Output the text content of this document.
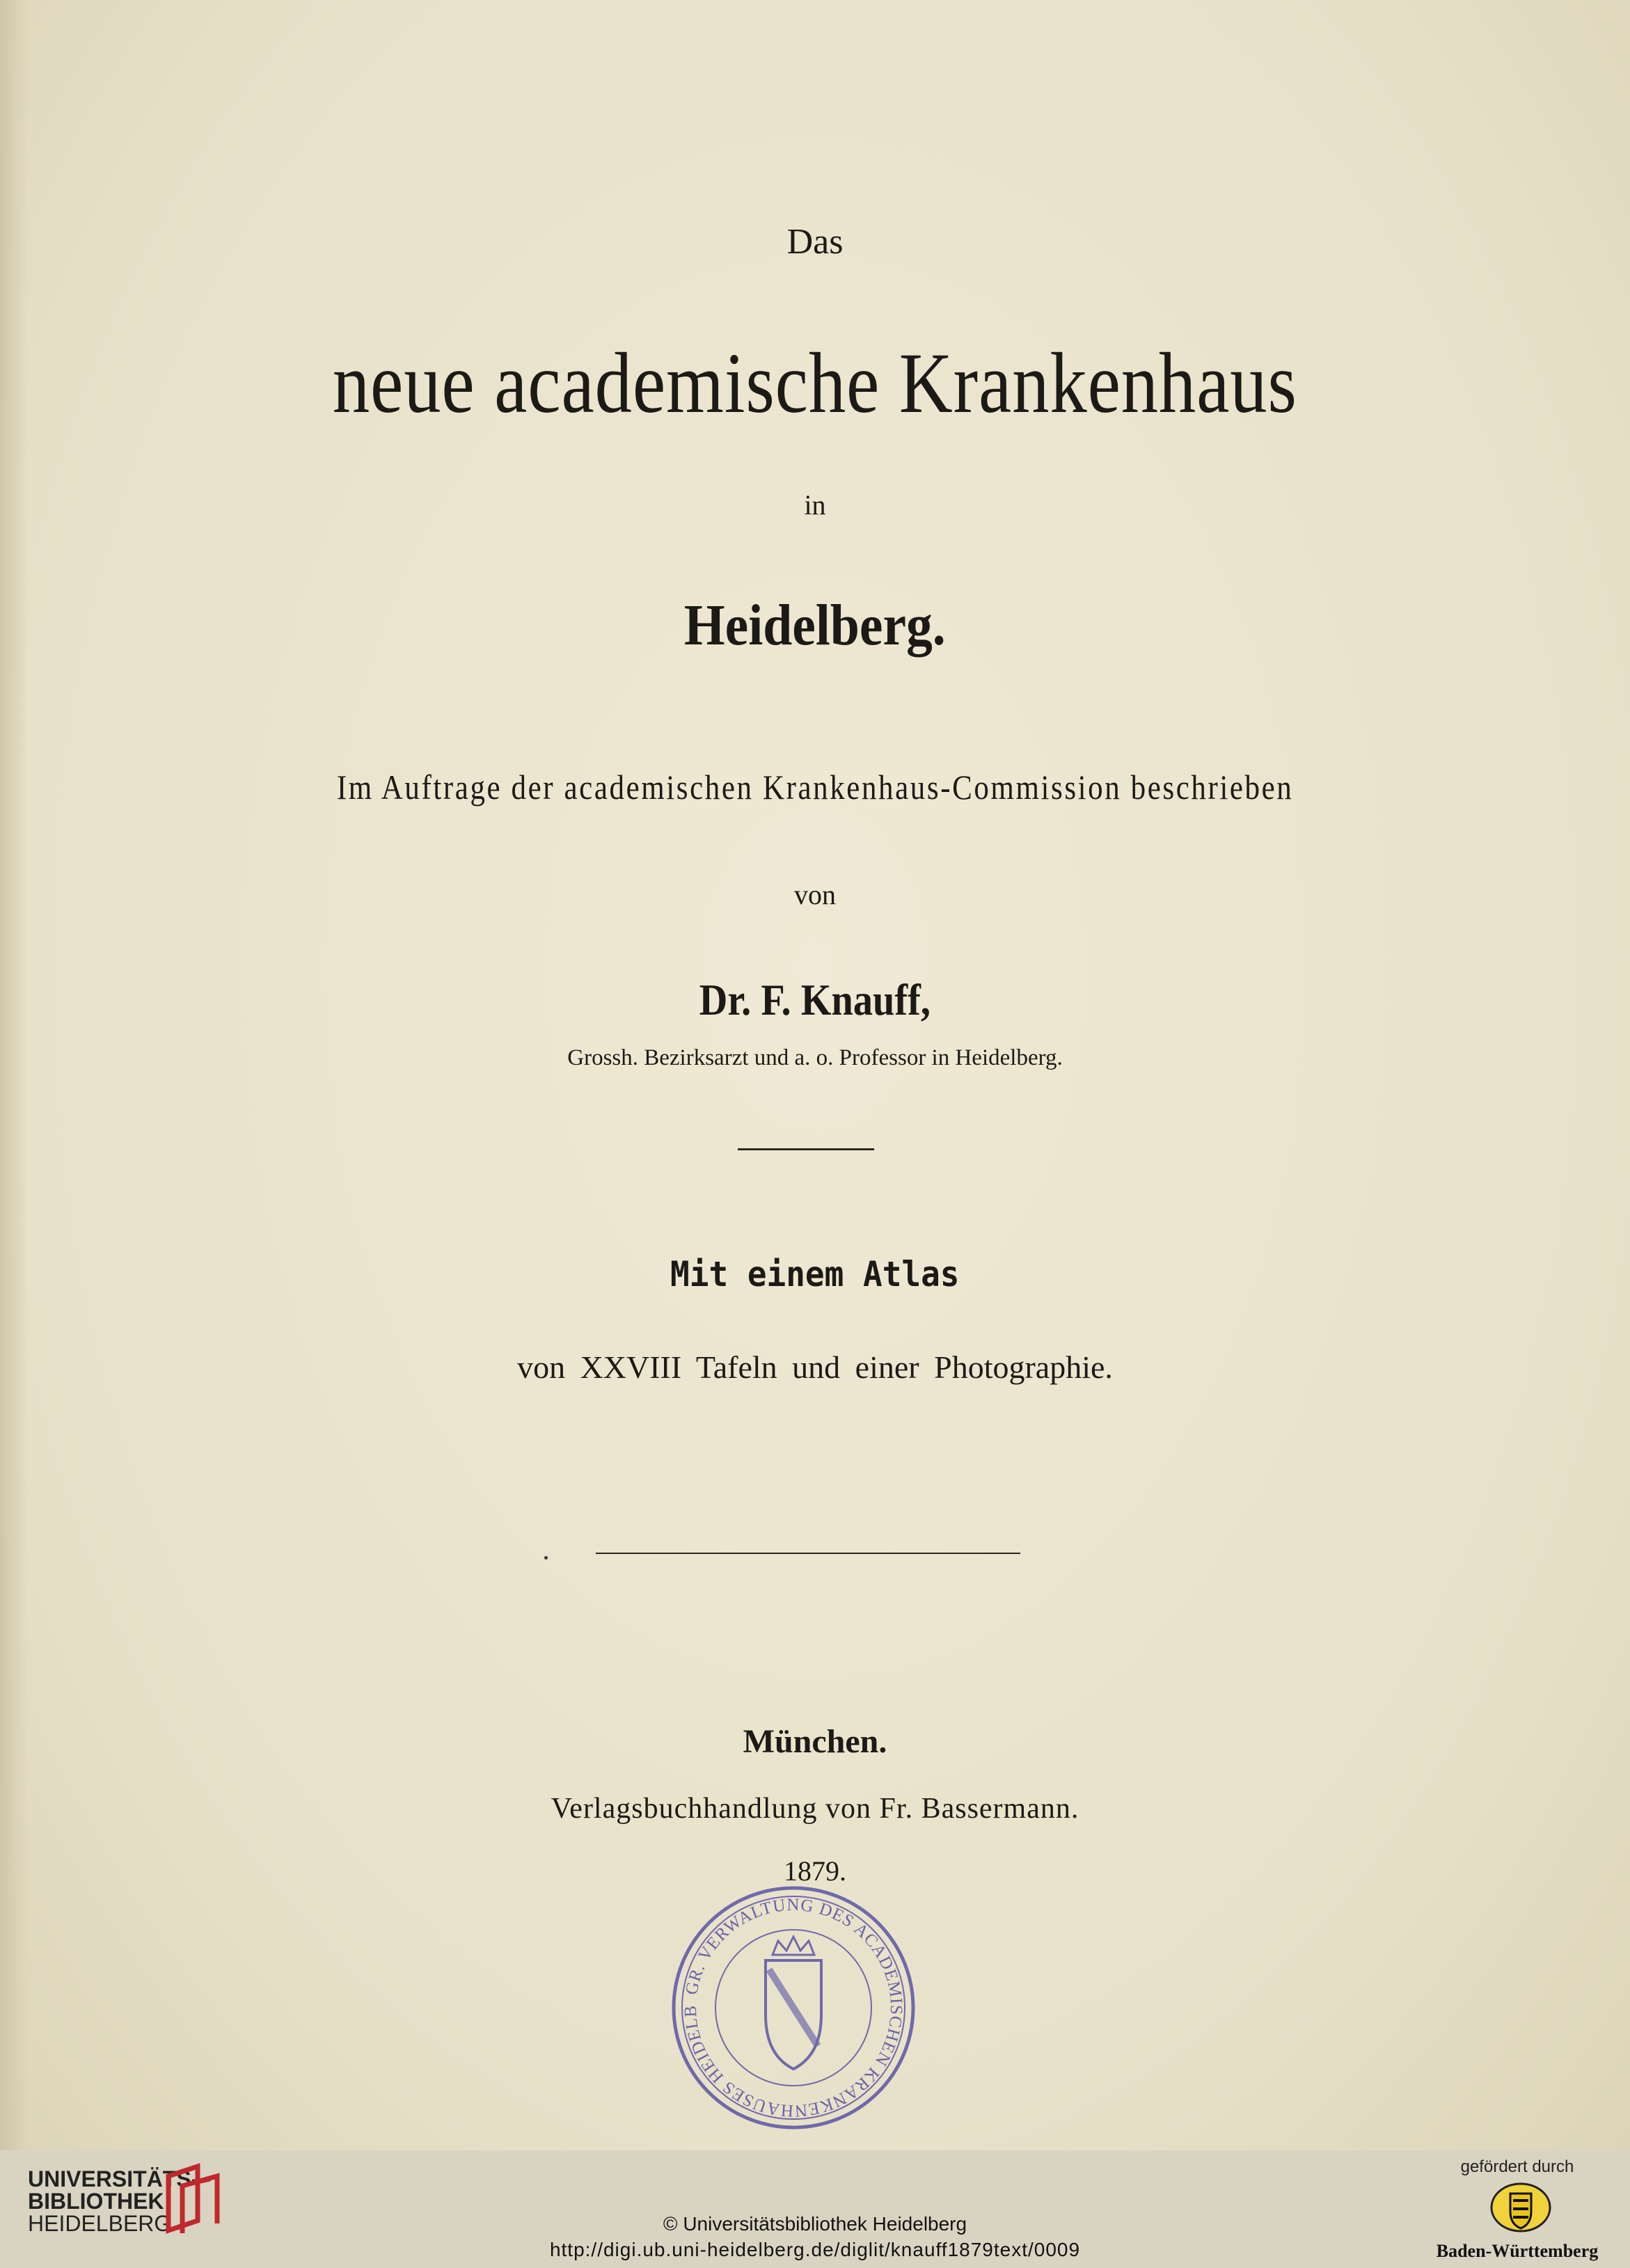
Das
neue academische Krankenhaus
in
Heidelberg.
Im Auftrage der academischen Krankenhaus-Commission beschrieben
von
Dr. F. Knauff,
Grossh. Bezirksarzt und a. o. Professor in Heidelberg.
Mit einem Atlas
von XXVIII Tafeln und einer Photographie.
München.
Verlagsbuchhandlung von Fr. Bassermann.
1879.
GR. VERWALTUNG DES ACADEMISCHEN KRANKENHAUSES HEIDELB
UNIVERSITÄTS-
BIBLIOTHEK
HEIDELBERG	© Universitätsbibliothek Heidelberg
http://digi.ub.uni-heidelberg.de/diglit/knauff1879text/0009
gefördert durch
Baden-Württemberg
